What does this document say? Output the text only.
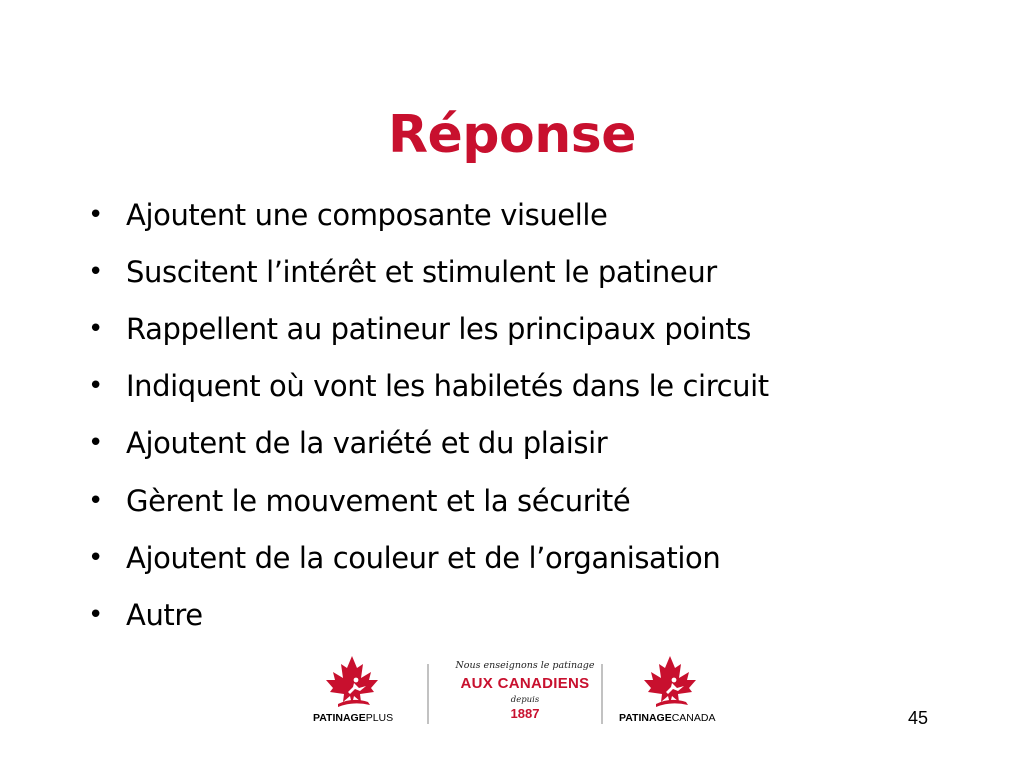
Réponse
• Ajoutent une composante visuelle
• Suscitent l’intérêt et stimulent le patineur
• Rappellent au patineur les principaux points
• Indiquent où vont les habiletés dans le circuit
• Ajoutent de la variété et du plaisir
• Gèrent le mouvement et la sécurité
• Ajoutent de la couleur et de l’organisation
• Autre
PATINAGEPLUS
Nous enseignons le patinage
AUX CANADIENS
depuis
1887	PATINAGECANADA	45
